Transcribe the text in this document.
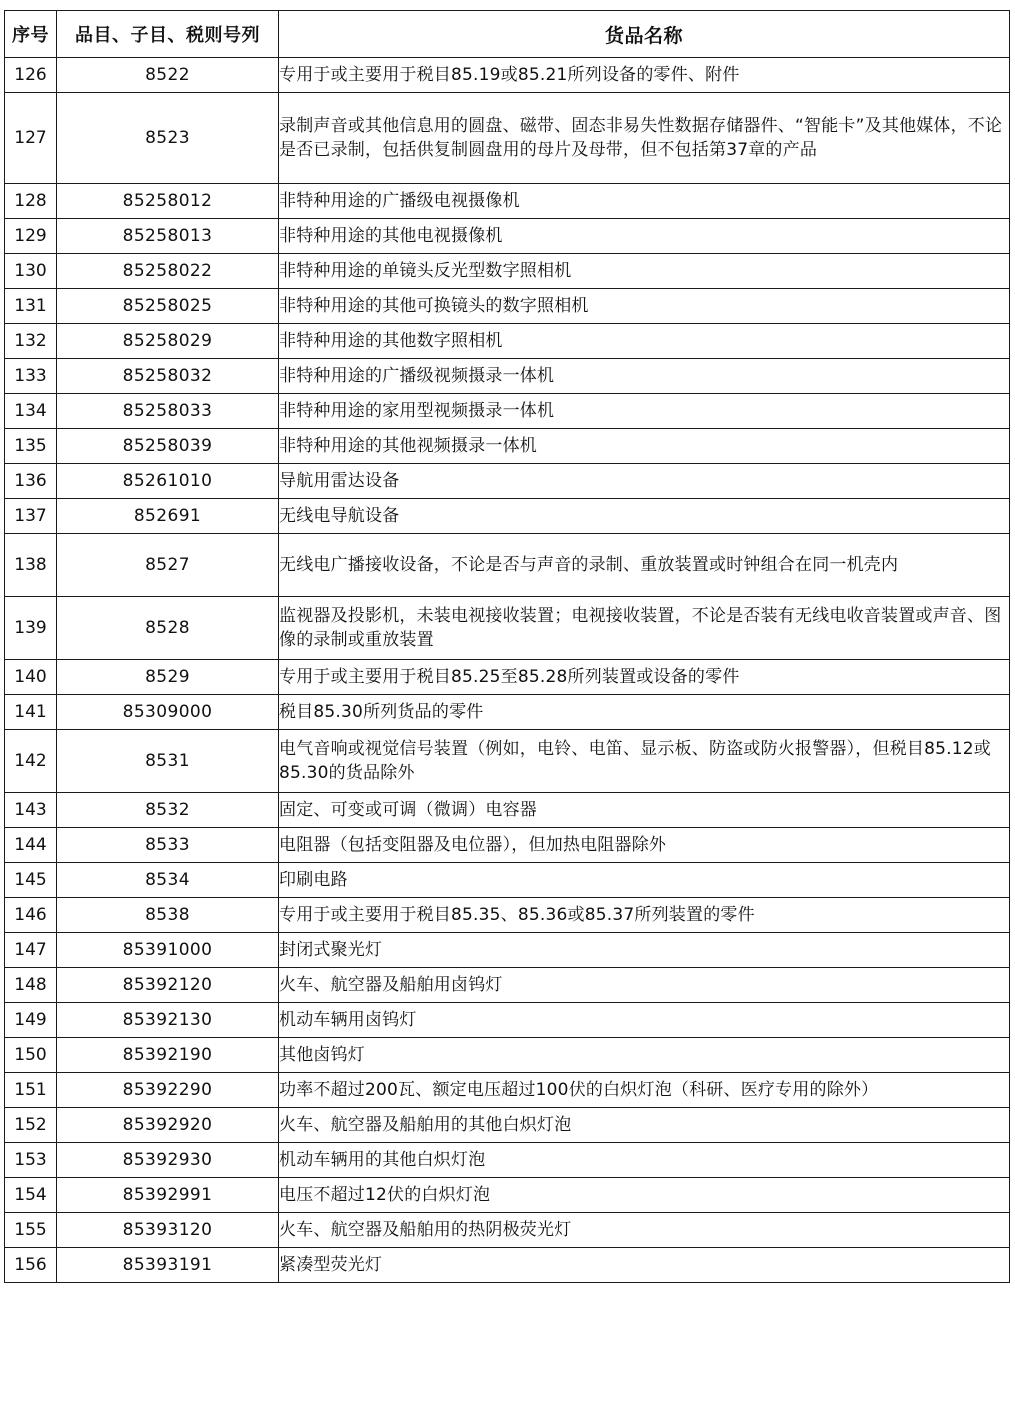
序号	品目、子目、税则号列	货品名称
126	8522	专用于或主要用于税目85.19或85.21所列设备的零件、附件
127	8523	录制声音或其他信息用的圆盘、磁带、固态非易失性数据存储器件、“智能卡”及其他媒体，不论是否已录制，包括供复制圆盘用的母片及母带，但不包括第37章的产品
128	85258012	非特种用途的广播级电视摄像机
129	85258013	非特种用途的其他电视摄像机
130	85258022	非特种用途的单镜头反光型数字照相机
131	85258025	非特种用途的其他可换镜头的数字照相机
132	85258029	非特种用途的其他数字照相机
133	85258032	非特种用途的广播级视频摄录一体机
134	85258033	非特种用途的家用型视频摄录一体机
135	85258039	非特种用途的其他视频摄录一体机
136	85261010	导航用雷达设备
137	852691	无线电导航设备
138	8527	无线电广播接收设备，不论是否与声音的录制、重放装置或时钟组合在同一机壳内
139	8528	监视器及投影机，未装电视接收装置；电视接收装置，不论是否装有无线电收音装置或声音、图像的录制或重放装置
140	8529	专用于或主要用于税目85.25至85.28所列装置或设备的零件
141	85309000	税目85.30所列货品的零件
142	8531	电气音响或视觉信号装置（例如，电铃、电笛、显示板、防盗或防火报警器），但税目85.12或85.30的货品除外
143	8532	固定、可变或可调（微调）电容器
144	8533	电阻器（包括变阻器及电位器），但加热电阻器除外
145	8534	印刷电路
146	8538	专用于或主要用于税目85.35、85.36或85.37所列装置的零件
147	85391000	封闭式聚光灯
148	85392120	火车、航空器及船舶用卤钨灯
149	85392130	机动车辆用卤钨灯
150	85392190	其他卤钨灯
151	85392290	功率不超过200瓦、额定电压超过100伏的白炽灯泡（科研、医疗专用的除外）
152	85392920	火车、航空器及船舶用的其他白炽灯泡
153	85392930	机动车辆用的其他白炽灯泡
154	85392991	电压不超过12伏的白炽灯泡
155	85393120	火车、航空器及船舶用的热阴极荧光灯
156	85393191	紧凑型荧光灯
